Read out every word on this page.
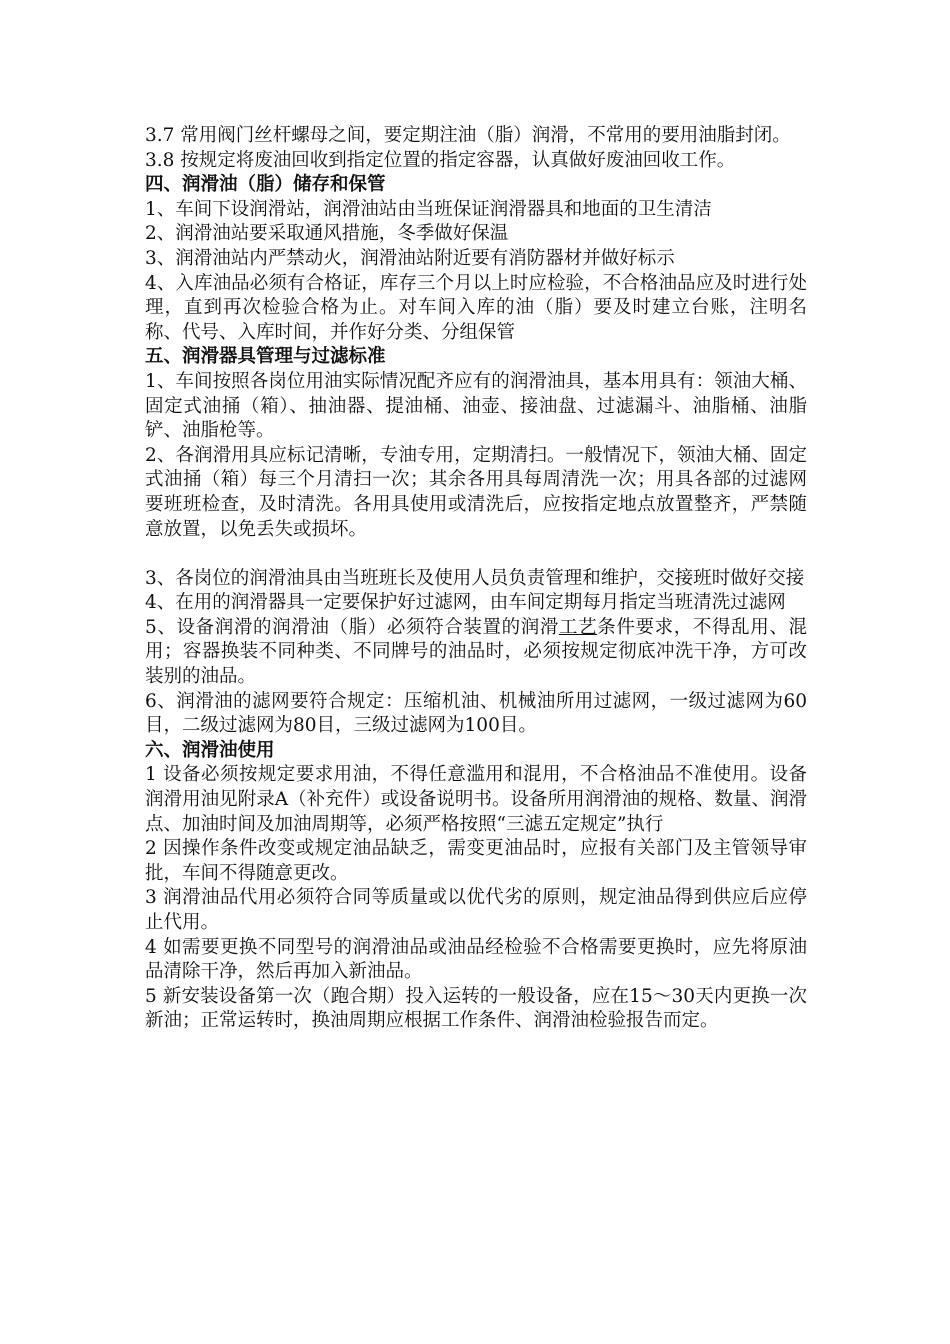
3.7 常用阀门丝杆螺母之间，要定期注油（脂）润滑，不常用的要用油脂封闭。

3.8 按规定将废油回收到指定位置的指定容器，认真做好废油回收工作。

四、润滑油（脂）储存和保管

1、车间下设润滑站，润滑油站由当班保证润滑器具和地面的卫生清洁

2、润滑油站要采取通风措施，冬季做好保温

3、润滑油站内严禁动火，润滑油站附近要有消防器材并做好标示

4、入库油品必须有合格证，库存三个月以上时应检验，不合格油品应及时进行处理，直到再次检验合格为止。对车间入库的油（脂）要及时建立台账，注明名称、代号、入库时间，并作好分类、分组保管

五、润滑器具管理与过滤标准

1、车间按照各岗位用油实际情况配齐应有的润滑油具，基本用具有：领油大桶、固定式油捅（箱）、抽油器、提油桶、油壶、接油盘、过滤漏斗、油脂桶、油脂铲、油脂枪等。

2、各润滑用具应标记清晰，专油专用，定期清扫。一般情况下，领油大桶、固定式油捅（箱）每三个月清扫一次；其余各用具每周清洗一次；用具各部的过滤网要班班检查，及时清洗。各用具使用或清洗后，应按指定地点放置整齐，严禁随意放置，以免丢失或损坏。

3、各岗位的润滑油具由当班班长及使用人员负责管理和维护，交接班时做好交接

4、在用的润滑器具一定要保护好过滤网，由车间定期每月指定当班清洗过滤网

5、设备润滑的润滑油（脂）必须符合装置的润滑工艺条件要求，不得乱用、混用；容器换装不同种类、不同牌号的油品时，必须按规定彻底冲洗干净，方可改装别的油品。

6、润滑油的滤网要符合规定：压缩机油、机械油所用过滤网，一级过滤网为60目，二级过滤网为80目，三级过滤网为100目。

六、润滑油使用

1 设备必须按规定要求用油，不得任意滥用和混用，不合格油品不准使用。设备润滑用油见附录A（补充件）或设备说明书。设备所用润滑油的规格、数量、润滑点、加油时间及加油周期等，必须严格按照“三滤五定规定”执行

2 因操作条件改变或规定油品缺乏，需变更油品时，应报有关部门及主管领导审批，车间不得随意更改。

3 润滑油品代用必须符合同等质量或以优代劣的原则，规定油品得到供应后应停止代用。

4 如需要更换不同型号的润滑油品或油品经检验不合格需要更换时，应先将原油品清除干净，然后再加入新油品。

5 新安装设备第一次（跑合期）投入运转的一般设备，应在15～30天内更换一次新油；正常运转时，换油周期应根据工作条件、润滑油检验报告而定。
